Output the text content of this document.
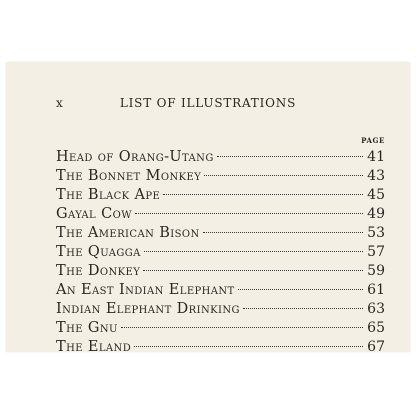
x	LIST OF ILLUSTRATIONS
PAGE
Head of Orang-Utang	41
The Bonnet Monkey	43
The Black Ape	45
Gayal Cow	49
The American Bison	53
The Quagga	57
The Donkey	59
An East Indian Elephant	61
Indian Elephant Drinking	63
The Gnu	65
The Eland	67
